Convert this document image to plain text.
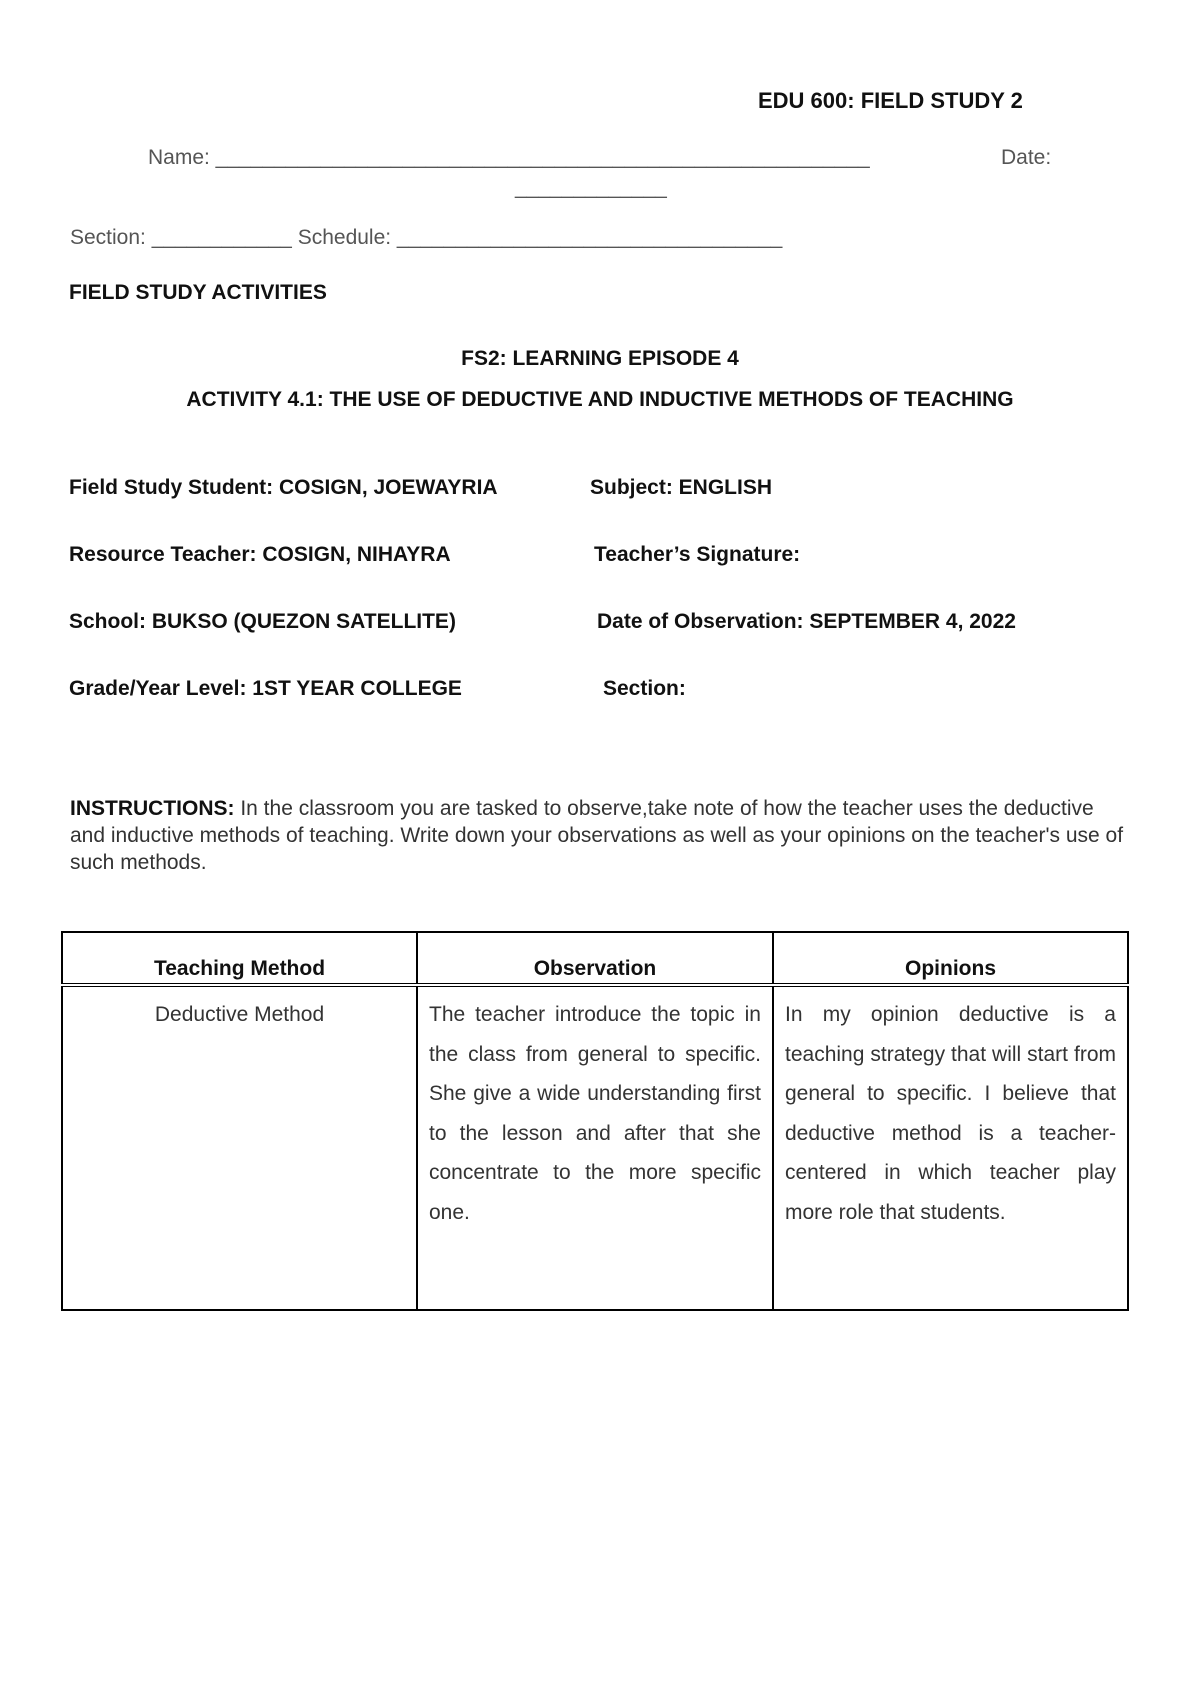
EDU 600: FIELD STUDY 2
Name: ________________________________________________________	Date:
_____________
Section: ____________ Schedule: _________________________________
FIELD STUDY ACTIVITIES
FS2: LEARNING EPISODE 4
ACTIVITY 4.1: THE USE OF DEDUCTIVE AND INDUCTIVE METHODS OF TEACHING
Field Study Student: COSIGN, JOEWAYRIA	Subject: ENGLISH
Resource Teacher: COSIGN, NIHAYRA	Teacher’s Signature:
School: BUKSO (QUEZON SATELLITE)	Date of Observation: SEPTEMBER 4, 2022
Grade/Year Level: 1ST YEAR COLLEGE	Section:
INSTRUCTIONS: In the classroom you are tasked to observe,take note of how the teacher uses the deductive and inductive methods of teaching. Write down your observations as well as your opinions on the teacher's use of such methods.
Teaching Method	Observation	Opinions
Deductive Method	The teacher introduce the topic in the class from general to specific. She give a wide understanding first to the lesson and after that she concentrate to the more specific one.	In my opinion deductive is a teaching strategy that will start from general to specific. I believe that deductive method is a teacher-centered in which teacher play more role that students.
